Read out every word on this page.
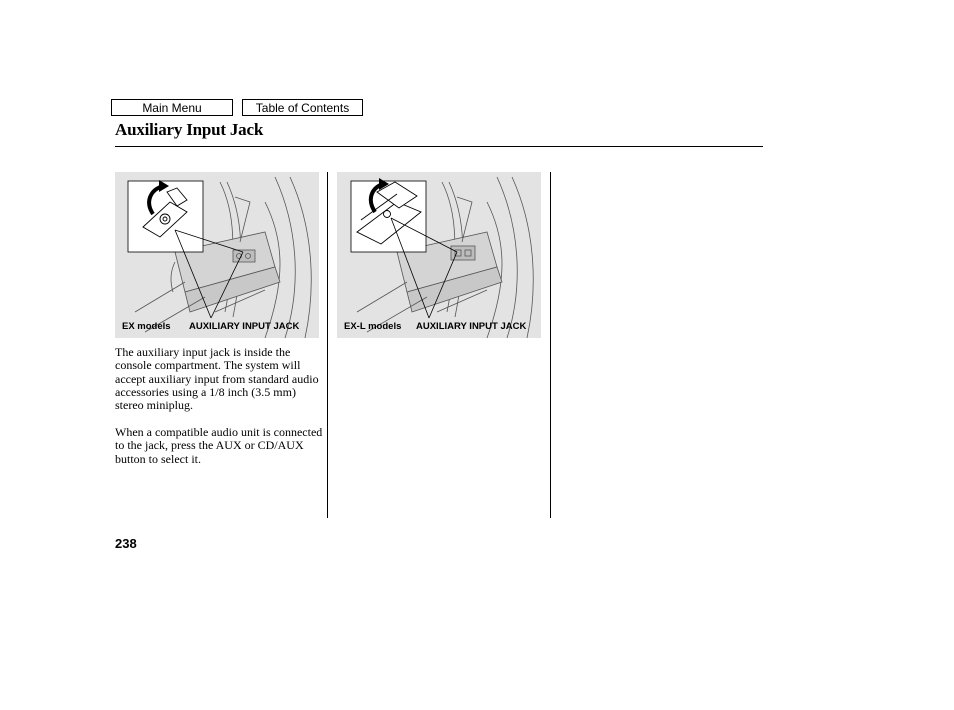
Main Menu	Table of Contents
Auxiliary Input Jack
EX models AUXILIARY INPUT JACK	EX-L models AUXILIARY INPUT JACK
The auxiliary input jack is inside the console compartment. The system will accept auxiliary input from standard audio accessories using a 1/8 inch (3.5 mm) stereo miniplug.
When a compatible audio unit is connected to the jack, press the AUX or CD/AUX button to select it.
238
